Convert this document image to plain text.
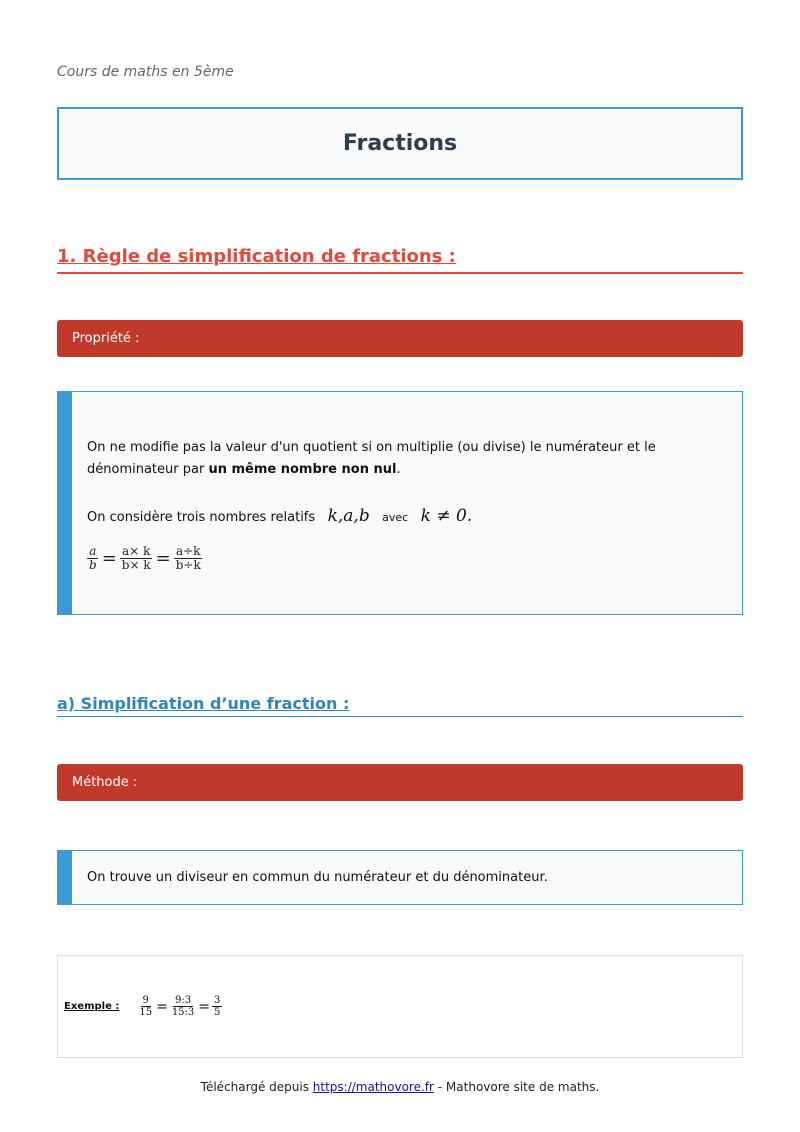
Cours de maths en 5ème
Fractions
1. Règle de simplification de fractions :
Propriété :

On ne modifie pas la valeur d'un quotient si on multiplie (ou divise) le numérateur et le dénominateur par un même nombre non nul.

On considère trois nombres relatifs k,a,b avec k ≠ 0.

$\frac{a}{b} = \frac{a\times k}{b\times k} = \frac{a\div k}{b\div k}$
a) Simplification d’une fraction :
Méthode :
On trouve un diviseur en commun du numérateur et du dénominateur.
Exemple : $\frac{9}{15} = \frac{9:3}{15:3} = \frac{3}{5}$
Téléchargé depuis https://mathovore.fr - Mathovore site de maths.
